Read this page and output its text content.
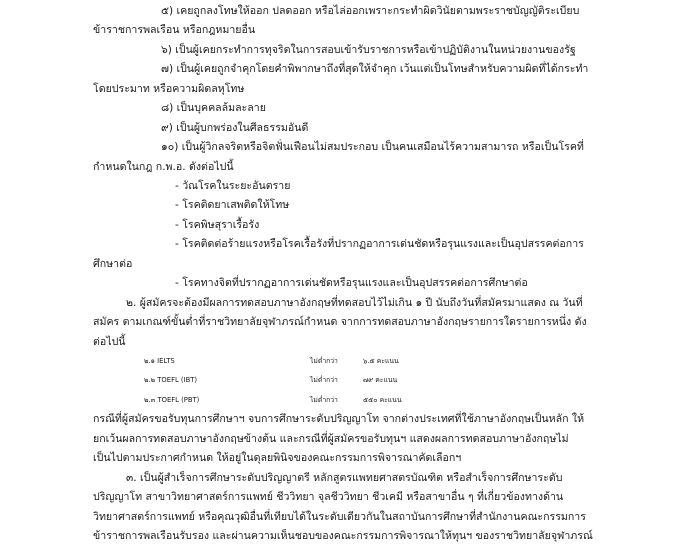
๕) เคยถูกลงโทษให้ออก ปลดออก หรือไล่ออกเพราะกระทำผิดวินัยตามพระราชบัญญัติระเบียบ
ข้าราชการพลเรือน หรือกฎหมายอื่น
๖) เป็นผู้เคยกระทำการทุจริตในการสอบเข้ารับราชการหรือเข้าปฏิบัติงานในหน่วยงานของรัฐ
๗) เป็นผู้เคยถูกจำคุกโดยคำพิพากษาถึงที่สุดให้จำคุก เว้นแต่เป็นโทษสำหรับความผิดที่ได้กระทำ
โดยประมาท หรือความผิดลหุโทษ
๘) เป็นบุคคลล้มละลาย
๙) เป็นผู้บกพร่องในศีลธรรมอันดี
๑๐) เป็นผู้วิกลจริตหรือจิตฟั่นเฟือนไม่สมประกอบ เป็นคนเสมือนไร้ความสามารถ หรือเป็นโรคที่
กำหนดในกฎ ก.พ.อ. ดังต่อไปนี้
- วัณโรคในระยะอันตราย
- โรคติดยาเสพติดให้โทษ
- โรคพิษสุราเรื้อรัง
- โรคติดต่อร้ายแรงหรือโรคเรื้อรังที่ปรากฏอาการเด่นชัดหรือรุนแรงและเป็นอุปสรรคต่อการ
ศึกษาต่อ
- โรคทางจิตที่ปรากฏอาการเด่นชัดหรือรุนแรงและเป็นอุปสรรคต่อการศึกษาต่อ
๒. ผู้สมัครจะต้องมีผลการทดสอบภาษาอังกฤษที่ทดสอบไว้ไม่เกิน ๑ ปี นับถึงวันที่สมัครมาแสดง ณ วันที่
สมัคร ตามเกณฑ์ขั้นต่ำที่ราชวิทยาลัยจุฬาภรณ์กำหนด จากการทดสอบภาษาอังกฤษรายการใดรายการหนึ่ง ดัง
ต่อไปนี้
๒.๑ IELTS	ไม่ต่ำกว่า	๖.๕ คะแนน
๒.๒ TOEFL (IBT)	ไม่ต่ำกว่า	๗๙ คะแนน
๒.๓ TOEFL (PBT)	ไม่ต่ำกว่า	๕๕๐ คะแนน
กรณีที่ผู้สมัครขอรับทุนการศึกษาฯ จบการศึกษาระดับปริญญาโท จากต่างประเทศที่ใช้ภาษาอังกฤษเป็นหลัก ให้
ยกเว้นผลการทดสอบภาษาอังกฤษข้างต้น และกรณีที่ผู้สมัครขอรับทุนฯ แสดงผลการทดสอบภาษาอังกฤษไม่
เป็นไปตามประกาศกำหนด ให้อยู่ในดุลยพินิจของคณะกรรมการพิจารณาคัดเลือกฯ
๓. เป็นผู้สำเร็จการศึกษาระดับปริญญาตรี หลักสูตรแพทยศาสตรบัณฑิต หรือสำเร็จการศึกษาระดับ
ปริญญาโท สาขาวิทยาศาสตร์การแพทย์ ชีววิทยา จุลชีววิทยา ชีวเคมี หรือสาขาอื่น ๆ ที่เกี่ยวข้องทางด้าน
วิทยาศาสตร์การแพทย์ หรือคุณวุฒิอื่นที่เทียบได้ในระดับเดียวกันในสถาบันการศึกษาที่สำนักงานคณะกรรมการ
ข้าราชการพลเรือนรับรอง และผ่านความเห็นชอบของคณะกรรมการพิจารณาให้ทุนฯ ของราชวิทยาลัยจุฬาภรณ์
